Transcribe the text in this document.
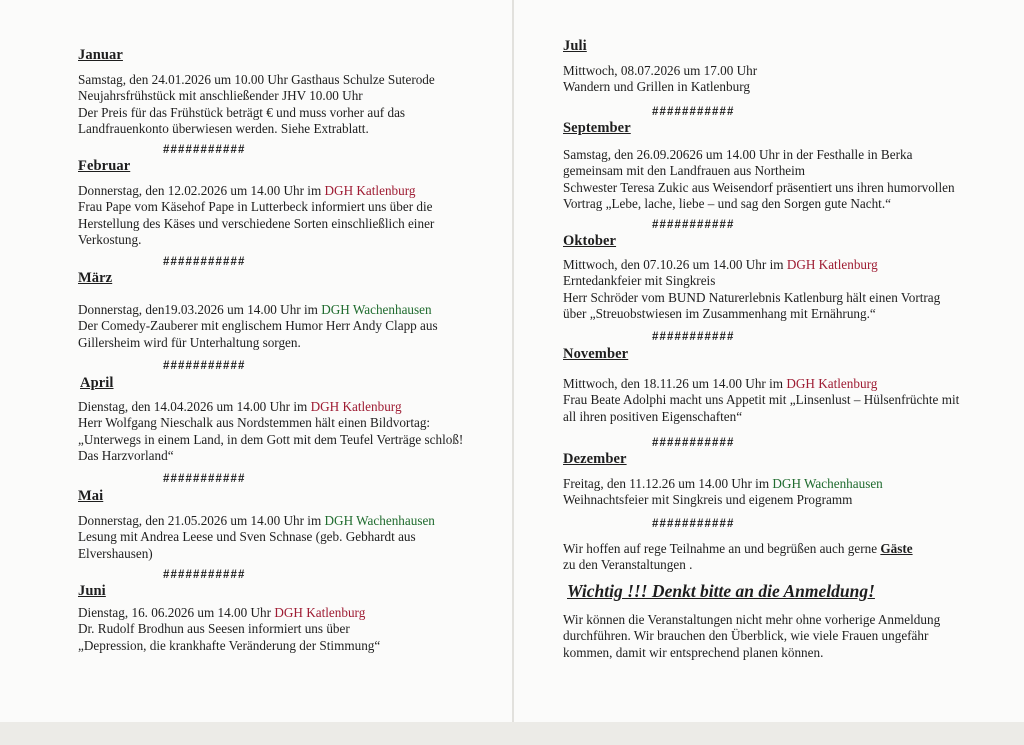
Januar
Samstag, den 24.01.2026 um 10.00 Uhr Gasthaus Schulze Suterode
Neujahrsfrühstück mit anschließender JHV 10.00 Uhr
Der Preis für das Frühstück beträgt € und muss vorher auf das
Landfrauenkonto überwiesen werden. Siehe Extrablatt.
###########
Februar
Donnerstag, den 12.02.2026 um 14.00 Uhr im DGH Katlenburg
Frau Pape vom Käsehof Pape in Lutterbeck informiert uns über die
Herstellung des Käses und verschiedene Sorten einschließlich einer
Verkostung.
###########
März
Donnerstag, den19.03.2026 um 14.00 Uhr im DGH Wachenhausen
Der Comedy-Zauberer mit englischem Humor Herr Andy Clapp aus
Gillersheim wird für Unterhaltung sorgen.
###########
April
Dienstag, den 14.04.2026 um 14.00 Uhr im DGH Katlenburg
Herr Wolfgang Nieschalk aus Nordstemmen hält einen Bildvortag:
„Unterwegs in einem Land, in dem Gott mit dem Teufel Verträge schloß!
Das Harzvorland“
###########
Mai
Donnerstag, den 21.05.2026 um 14.00 Uhr im DGH Wachenhausen
Lesung mit Andrea Leese und Sven Schnase (geb. Gebhardt aus
Elvershausen)
###########
Juni
Dienstag, 16. 06.2026 um 14.00 Uhr DGH Katlenburg
Dr. Rudolf Brodhun aus Seesen informiert uns über
„Depression, die krankhafte Veränderung der Stimmung“
Juli
Mittwoch, 08.07.2026 um 17.00 Uhr
Wandern und Grillen in Katlenburg
###########
September
Samstag, den 26.09.20626 um 14.00 Uhr in der Festhalle in Berka
gemeinsam mit den Landfrauen aus Northeim
Schwester Teresa Zukic aus Weisendorf präsentiert uns ihren humorvollen
Vortrag „Lebe, lache, liebe – und sag den Sorgen gute Nacht.“
###########
Oktober
Mittwoch, den 07.10.26 um 14.00 Uhr im DGH Katlenburg
Erntedankfeier mit Singkreis
Herr Schröder vom BUND Naturerlebnis Katlenburg hält einen Vortrag
über „Streuobstwiesen im Zusammenhang mit Ernährung.“
###########
November
Mittwoch, den 18.11.26 um 14.00 Uhr im DGH Katlenburg
Frau Beate Adolphi macht uns Appetit mit „Linsenlust – Hülsenfrüchte mit
all ihren positiven Eigenschaften“
###########
Dezember
Freitag, den 11.12.26 um 14.00 Uhr im DGH Wachenhausen
Weihnachtsfeier mit Singkreis und eigenem Programm
###########
Wir hoffen auf rege Teilnahme an und begrüßen auch gerne Gäste
zu den Veranstaltungen .
Wichtig !!! Denkt bitte an die Anmeldung!
Wir können die Veranstaltungen nicht mehr ohne vorherige Anmeldung
durchführen. Wir brauchen den Überblick, wie viele Frauen ungefähr
kommen, damit wir entsprechend planen können.
